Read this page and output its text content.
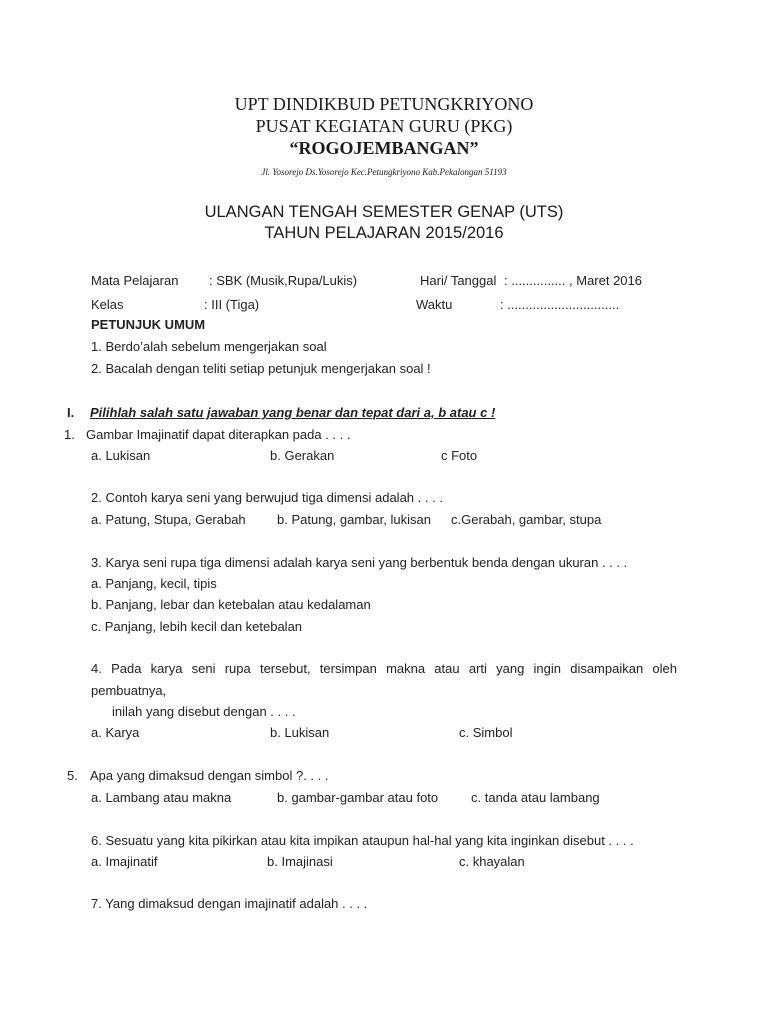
UPT DINDIKBUD PETUNGKRIYONO
PUSAT KEGIATAN GURU (PKG)
“ROGOJEMBANGAN”
Jl. Yosorejo Ds.Yosorejo Kec.Petungkriyono Kab.Pekalongan 51193
ULANGAN TENGAH SEMESTER GENAP (UTS)
TAHUN PELAJARAN 2015/2016
Mata Pelajaran : SBK (Musik,Rupa/Lukis)	Hari/ Tanggal : ............... , Maret 2016
Kelas	: III (Tiga)	Waktu	: ...............................
PETUNJUK UMUM
1. Berdo’alah sebelum mengerjakan soal
2. Bacalah dengan teliti setiap petunjuk mengerjakan soal !
I. Pilihlah salah satu jawaban yang benar dan tepat dari a, b atau c !
1. Gambar Imajinatif dapat diterapkan pada . . . .
a. Lukisan	b. Gerakan	c Foto
2. Contoh karya seni yang berwujud tiga dimensi adalah . . . .
a. Patung, Stupa, Gerabah b. Patung, gambar, lukisan c.Gerabah, gambar, stupa
3. Karya seni rupa tiga dimensi adalah karya seni yang berbentuk benda dengan ukuran . . . .
a. Panjang, kecil, tipis
b. Panjang, lebar dan ketebalan atau kedalaman
c. Panjang, lebih kecil dan ketebalan
4. Pada karya seni rupa tersebut, tersimpan makna atau arti yang ingin disampaikan oleh
pembuatnya,
inilah yang disebut dengan . . . .
a. Karya	b. Lukisan	c. Simbol
5. Apa yang dimaksud dengan simbol ?. . . .
a. Lambang atau makna	b. gambar-gambar atau foto	c. tanda atau lambang
6. Sesuatu yang kita pikirkan atau kita impikan ataupun hal-hal yang kita inginkan disebut . . . .
a. Imajinatif	b. Imajinasi	c. khayalan
7. Yang dimaksud dengan imajinatif adalah . . . .
